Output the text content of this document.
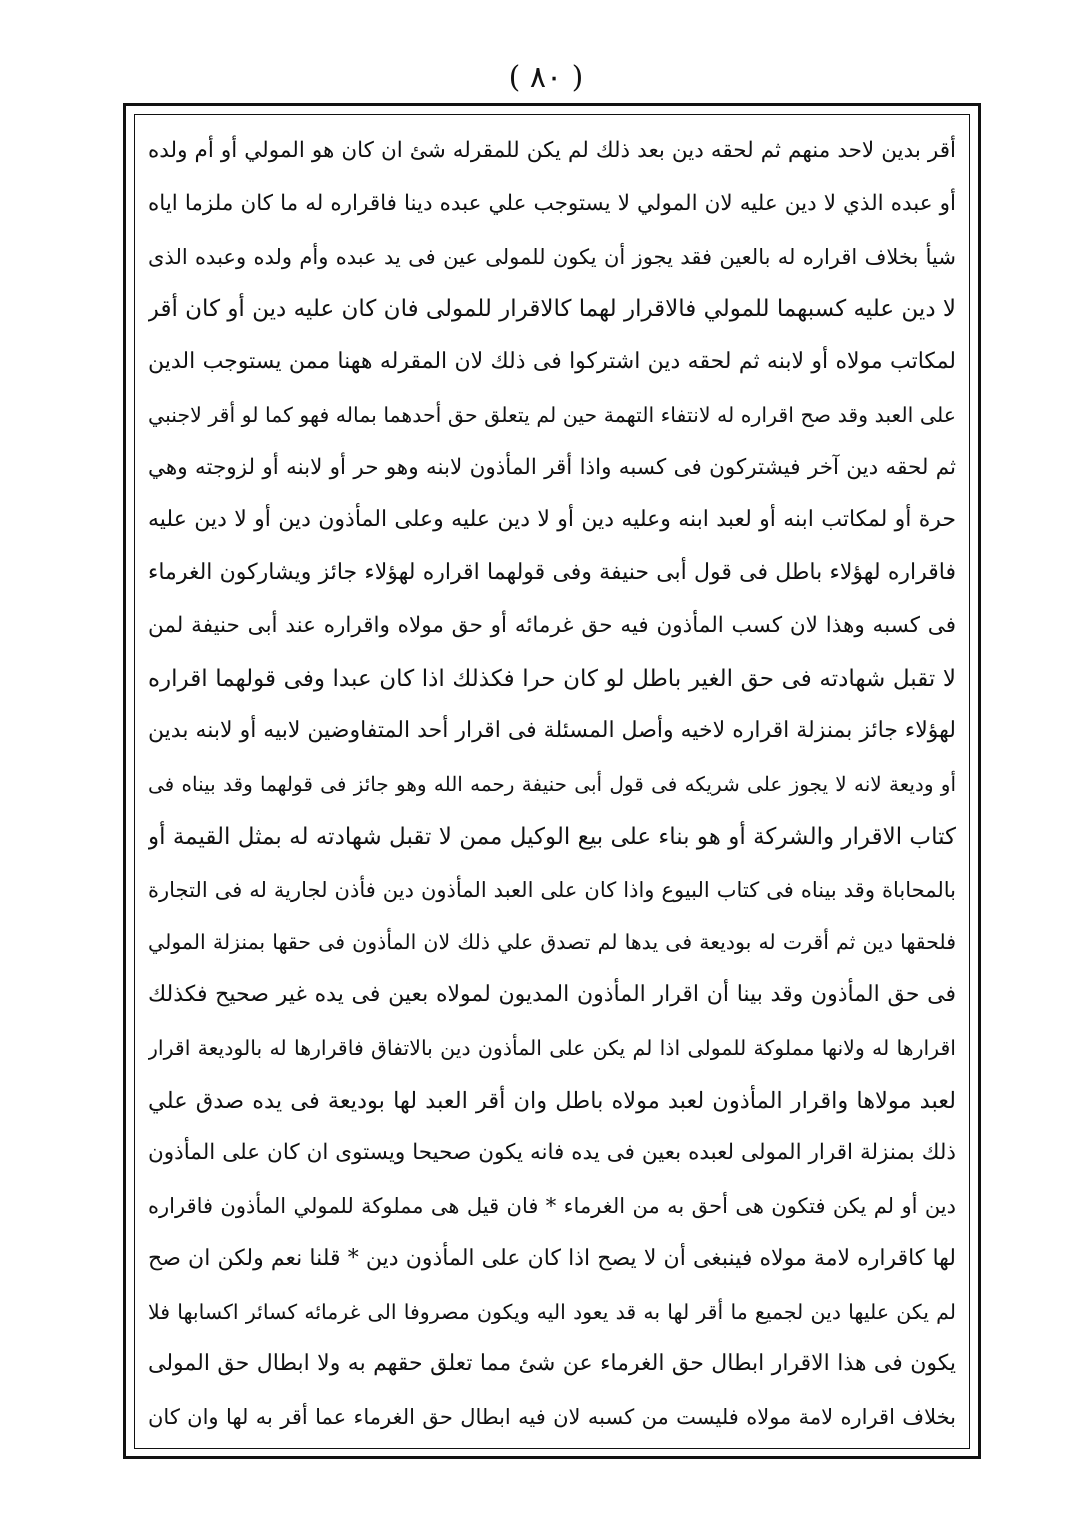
( ٨٠ )
أقر بدين لاحد منهم ثم لحقه دين بعد ذلك لم يكن للمقرله شئ ان كان هو المولي أو أم ولده
أو عبده الذي لا دين عليه لان المولي لا يستوجب علي عبده دينا فاقراره له ما كان ملزما اياه
شيأ بخلاف اقراره له بالعين فقد يجوز أن يكون للمولى عين فى يد عبده وأم ولده وعبده الذى
لا دين عليه كسبهما للمولي فالاقرار لهما كالاقرار للمولى فان كان عليه دين أو كان أقر
لمكاتب مولاه أو لابنه ثم لحقه دين اشتركوا فى ذلك لان المقرله ههنا ممن يستوجب الدين
على العبد وقد صح اقراره له لانتفاء التهمة حين لم يتعلق حق أحدهما بماله فهو كما لو أقر لاجنبي
ثم لحقه دين آخر فيشتركون فى كسبه واذا أقر المأذون لابنه وهو حر أو لابنه أو لزوجته وهي
حرة أو لمكاتب ابنه أو لعبد ابنه وعليه دين أو لا دين عليه وعلى المأذون دين أو لا دين عليه
فاقراره لهؤلاء باطل فى قول أبى حنيفة وفى قولهما اقراره لهؤلاء جائز ويشاركون الغرماء
فى كسبه وهذا لان كسب المأذون فيه حق غرمائه أو حق مولاه واقراره عند أبى حنيفة لمن
لا تقبل شهادته فى حق الغير باطل لو كان حرا فكذلك اذا كان عبدا وفى قولهما اقراره
لهؤلاء جائز بمنزلة اقراره لاخيه وأصل المسئلة فى اقرار أحد المتفاوضين لابيه أو لابنه بدين
أو وديعة لانه لا يجوز على شريكه فى قول أبى حنيفة رحمه الله وهو جائز فى قولهما وقد بيناه فى
كتاب الاقرار والشركة أو هو بناء على بيع الوكيل ممن لا تقبل شهادته له بمثل القيمة أو
بالمحاباة وقد بيناه فى كتاب البيوع واذا كان على العبد المأذون دين فأذن لجارية له فى التجارة
فلحقها دين ثم أقرت له بوديعة فى يدها لم تصدق علي ذلك لان المأذون فى حقها بمنزلة المولي
فى حق المأذون وقد بينا أن اقرار المأذون المديون لمولاه بعين فى يده غير صحيح فكذلك
اقرارها له ولانها مملوكة للمولى اذا لم يكن على المأذون دين بالاتفاق فاقرارها له بالوديعة اقرار
لعبد مولاها واقرار المأذون لعبد مولاه باطل وان أقر العبد لها بوديعة فى يده صدق علي
ذلك بمنزلة اقرار المولى لعبده بعين فى يده فانه يكون صحيحا ويستوى ان كان على المأذون
دين أو لم يكن فتكون هى أحق به من الغرماء * فان قيل هى مملوكة للمولي المأذون فاقراره
لها كاقراره لامة مولاه فينبغى أن لا يصح اذا كان على المأذون دين * قلنا نعم ولكن ان صح
لم يكن عليها دين لجميع ما أقر لها به قد يعود اليه ويكون مصروفا الى غرمائه كسائر اكسابها فلا
يكون فى هذا الاقرار ابطال حق الغرماء عن شئ مما تعلق حقهم به ولا ابطال حق المولى
بخلاف اقراره لامة مولاه فليست من كسبه لان فيه ابطال حق الغرماء عما أقر به لها وان كان
